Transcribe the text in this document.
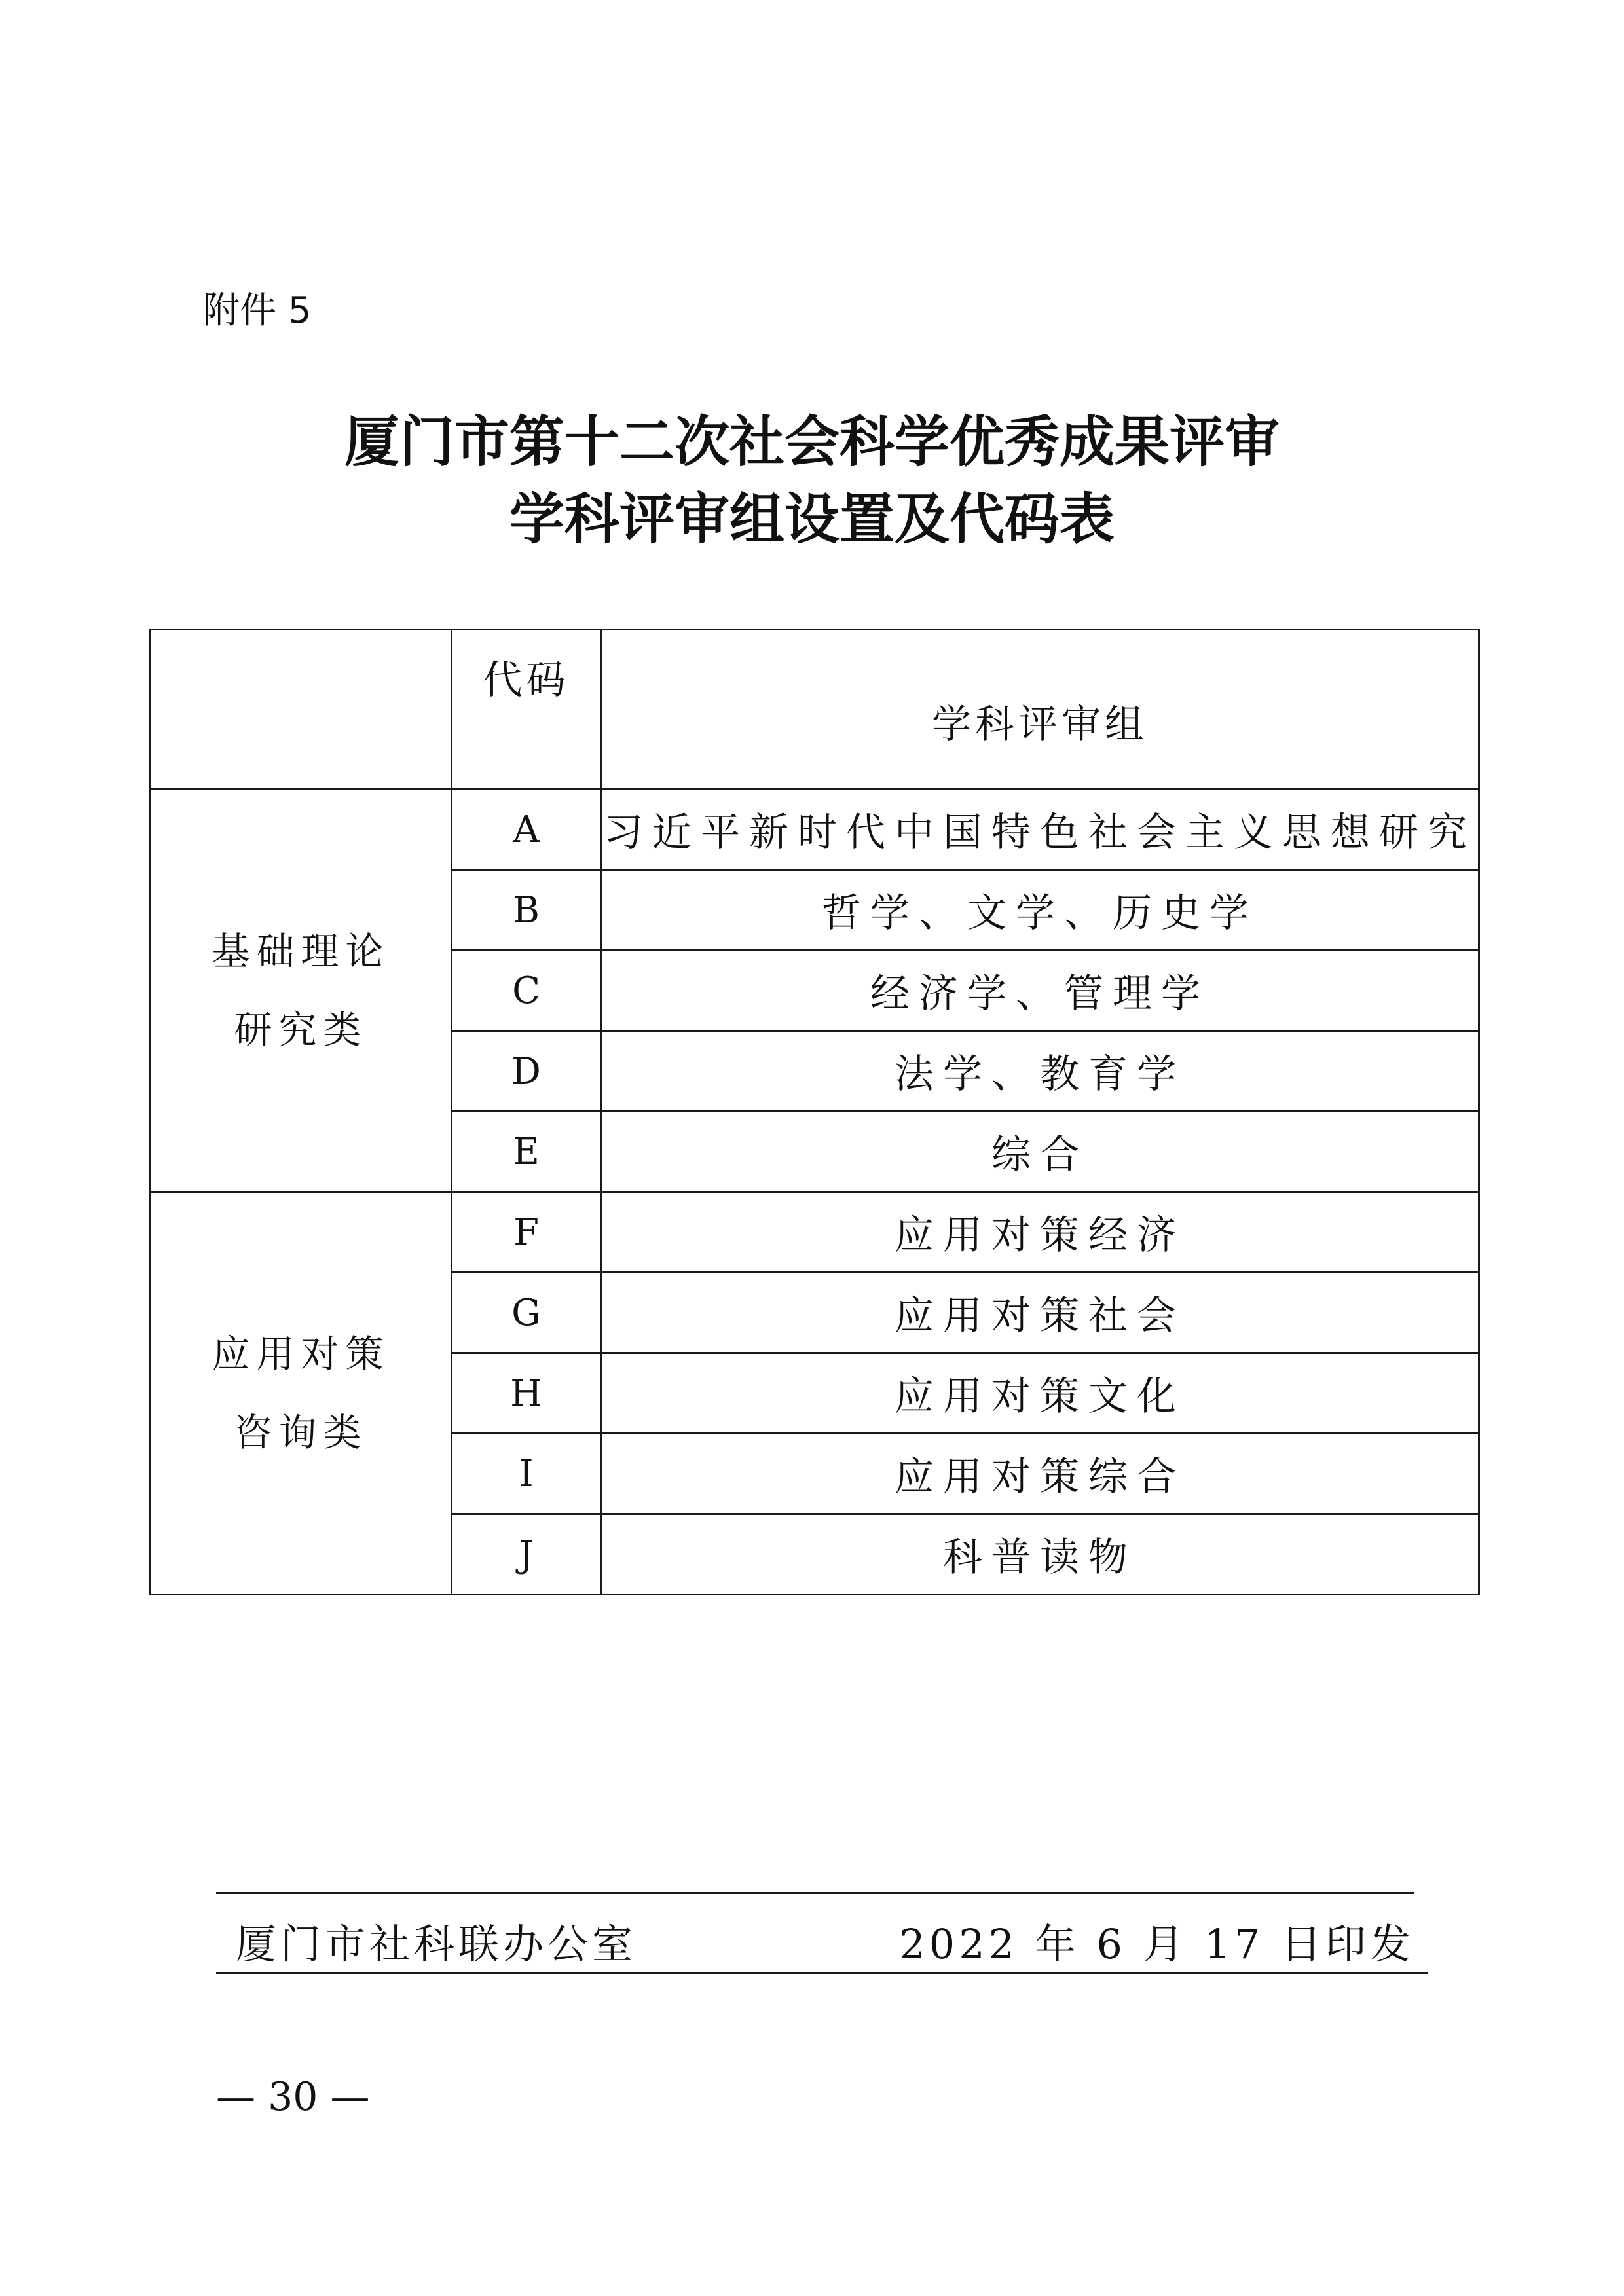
附件 5
厦门市第十二次社会科学优秀成果评审
学科评审组设置及代码表
	代码	学科评审组

基础理论
研究类	A	习近平新时代中国特色社会主义思想研究
	B	哲学、文学、历史学
	C	经济学、管理学
	D	法学、教育学
	E	综合

应用对策
咨询类	F	应用对策经济
	G	应用对策社会
	H	应用对策文化
	I	应用对策综合
	J	科普读物
厦门市社科联办公室	2022 年 6 月 17 日印发
— 30 —
